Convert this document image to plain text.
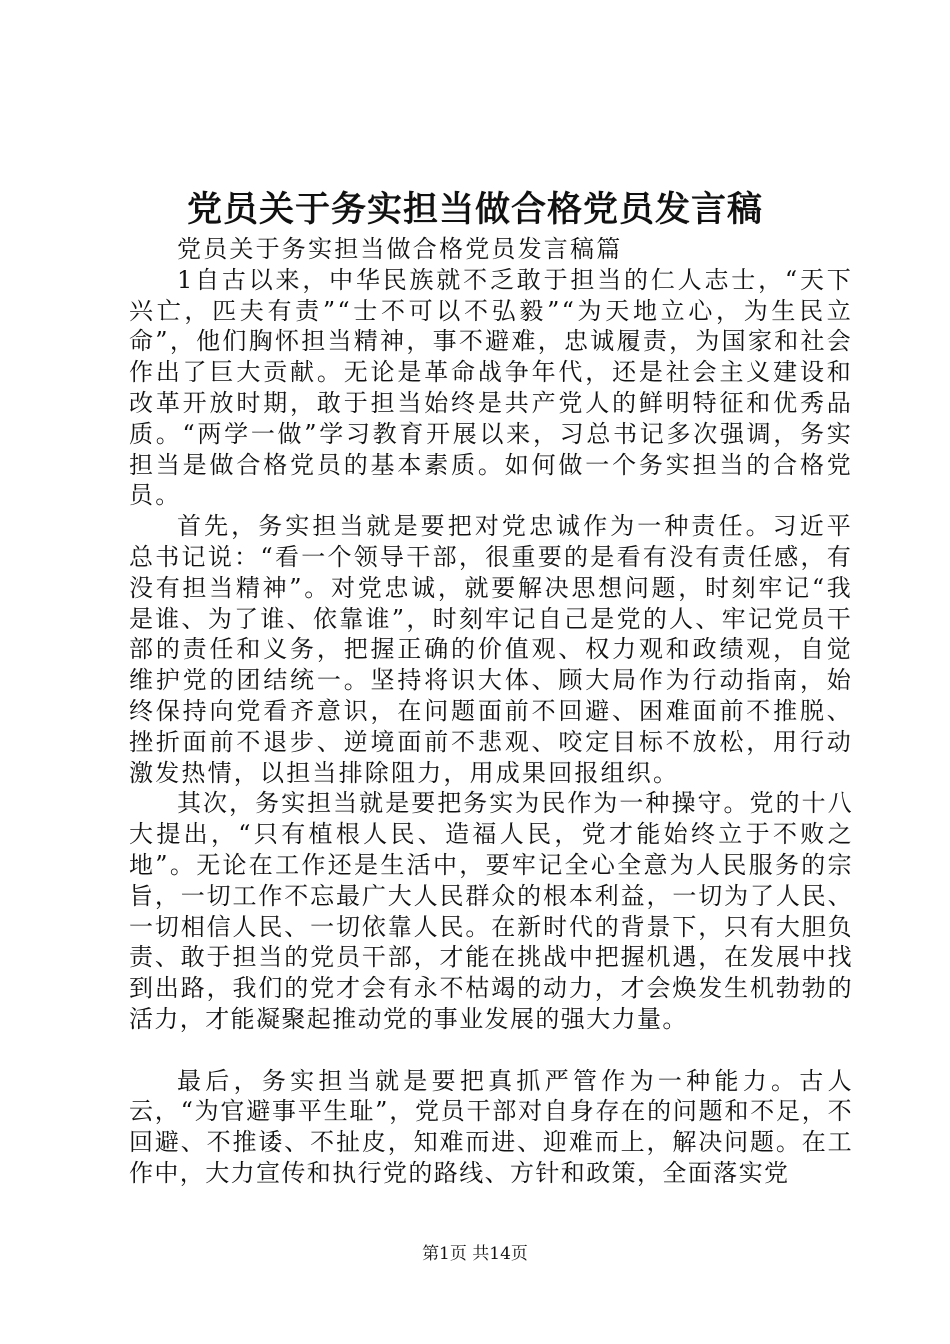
党员关于务实担当做合格党员发言稿

党员关于务实担当做合格党员发言稿篇

1自古以来，中华民族就不乏敢于担当的仁人志士，“天下兴亡，匹夫有责”“士不可以不弘毅”“为天地立心，为生民立命”，他们胸怀担当精神，事不避难，忠诚履责，为国家和社会作出了巨大贡献。无论是革命战争年代，还是社会主义建设和改革开放时期，敢于担当始终是共产党人的鲜明特征和优秀品质。“两学一做”学习教育开展以来，习总书记多次强调，务实担当是做合格党员的基本素质。如何做一个务实担当的合格党员。

首先，务实担当就是要把对党忠诚作为一种责任。习近平总书记说：“看一个领导干部，很重要的是看有没有责任感，有没有担当精神”。对党忠诚，就要解决思想问题，时刻牢记“我是谁、为了谁、依靠谁”，时刻牢记自己是党的人、牢记党员干部的责任和义务，把握正确的价值观、权力观和政绩观，自觉维护党的团结统一。坚持将识大体、顾大局作为行动指南，始终保持向党看齐意识，在问题面前不回避、困难面前不推脱、挫折面前不退步、逆境面前不悲观、咬定目标不放松，用行动激发热情，以担当排除阻力，用成果回报组织。

其次，务实担当就是要把务实为民作为一种操守。党的十八大提出，“只有植根人民、造福人民，党才能始终立于不败之地”。无论在工作还是生活中，要牢记全心全意为人民服务的宗旨，一切工作不忘最广大人民群众的根本利益，一切为了人民、一切相信人民、一切依靠人民。在新时代的背景下，只有大胆负责、敢于担当的党员干部，才能在挑战中把握机遇，在发展中找到出路，我们的党才会有永不枯竭的动力，才会焕发生机勃勃的活力，才能凝聚起推动党的事业发展的强大力量。

最后，务实担当就是要把真抓严管作为一种能力。古人云，“为官避事平生耻”，党员干部对自身存在的问题和不足，不回避、不推诿、不扯皮，知难而进、迎难而上，解决问题。在工作中，大力宣传和执行党的路线、方针和政策，全面落实党

第1页 共14页
